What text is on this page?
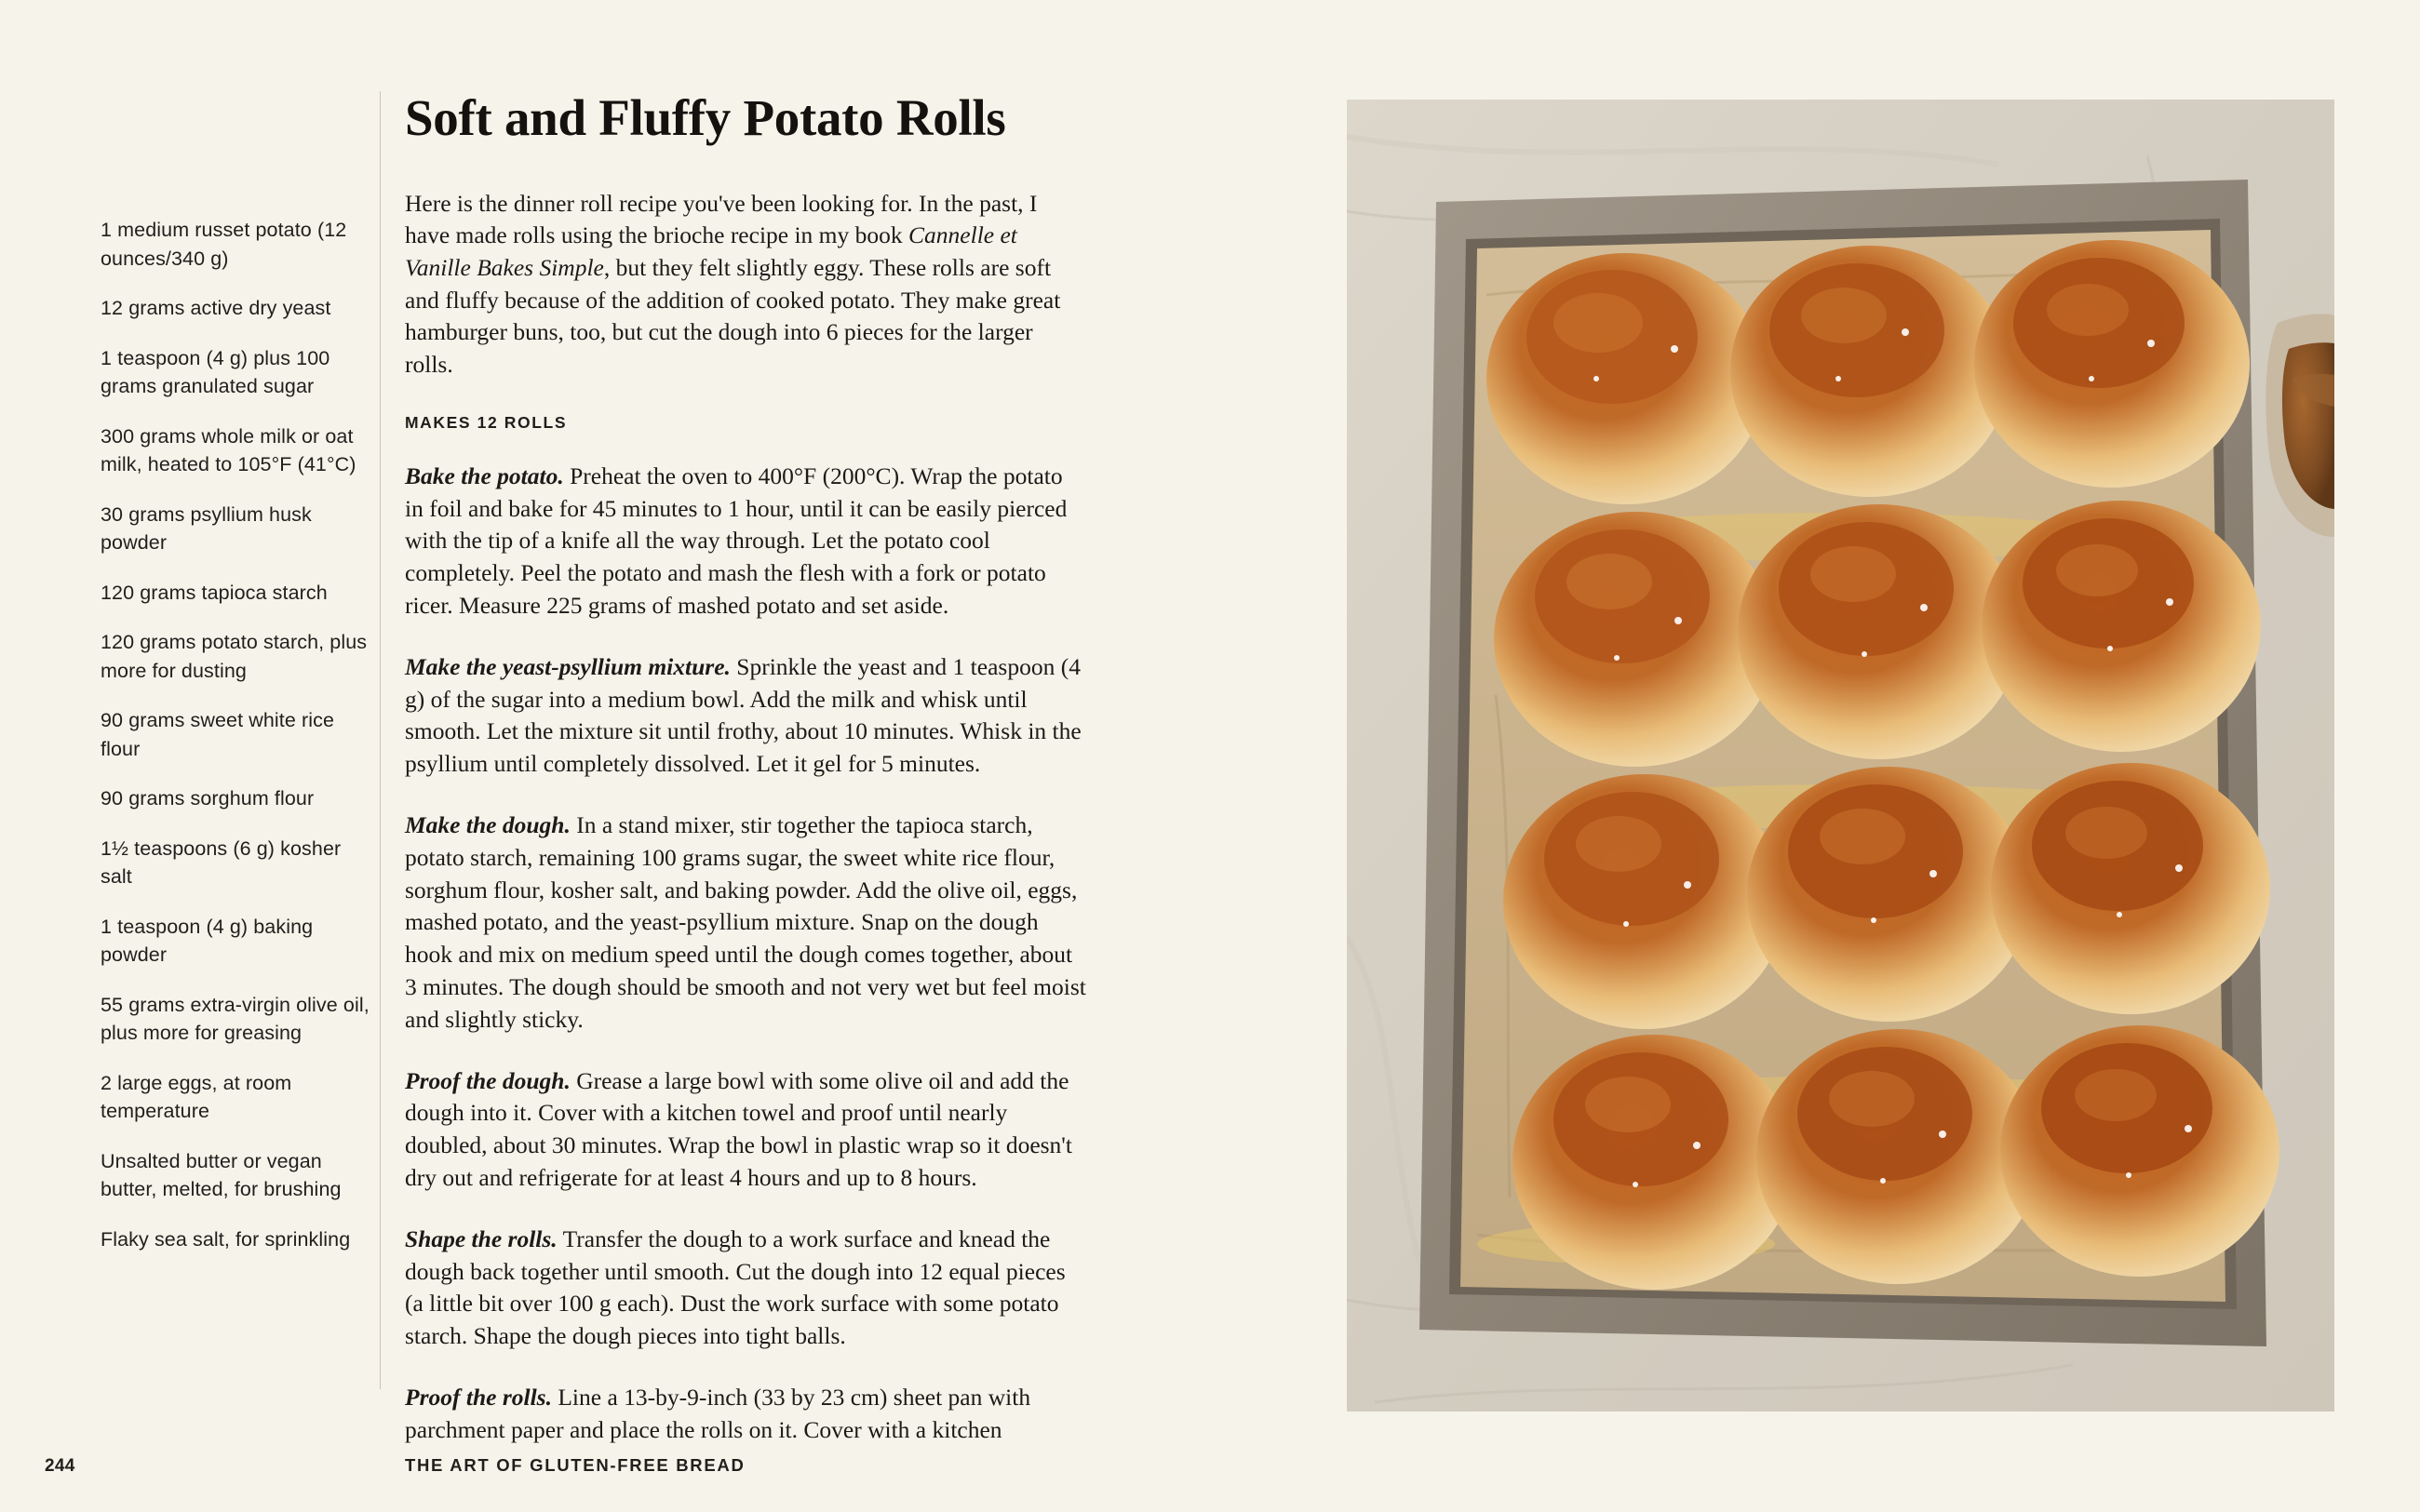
1 medium russet potato (12 ounces/340 g)
12 grams active dry yeast
1 teaspoon (4 g) plus 100 grams granulated sugar
300 grams whole milk or oat milk, heated to 105°F (41°C)
30 grams psyllium husk powder
120 grams tapioca starch
120 grams potato starch, plus more for dusting
90 grams sweet white rice flour
90 grams sorghum flour
1½ teaspoons (6 g) kosher salt
1 teaspoon (4 g) baking powder
55 grams extra-virgin olive oil, plus more for greasing
2 large eggs, at room temperature
Unsalted butter or vegan butter, melted, for brushing
Flaky sea salt, for sprinkling
Soft and Fluffy Potato Rolls

Here is the dinner roll recipe you've been looking for. In the past, I have made rolls using the brioche recipe in my book Cannelle et Vanille Bakes Simple, but they felt slightly eggy. These rolls are soft and fluffy because of the addition of cooked potato. They make great hamburger buns, too, but cut the dough into 6 pieces for the larger rolls.

MAKES 12 ROLLS

Bake the potato. Preheat the oven to 400°F (200°C). Wrap the potato in foil and bake for 45 minutes to 1 hour, until it can be easily pierced with the tip of a knife all the way through. Let the potato cool completely. Peel the potato and mash the flesh with a fork or potato ricer. Measure 225 grams of mashed potato and set aside.

Make the yeast-psyllium mixture. Sprinkle the yeast and 1 teaspoon (4 g) of the sugar into a medium bowl. Add the milk and whisk until smooth. Let the mixture sit until frothy, about 10 minutes. Whisk in the psyllium until completely dissolved. Let it gel for 5 minutes.

Make the dough. In a stand mixer, stir together the tapioca starch, potato starch, remaining 100 grams sugar, the sweet white rice flour, sorghum flour, kosher salt, and baking powder. Add the olive oil, eggs, mashed potato, and the yeast-psyllium mixture. Snap on the dough hook and mix on medium speed until the dough comes together, about 3 minutes. The dough should be smooth and not very wet but feel moist and slightly sticky.

Proof the dough. Grease a large bowl with some olive oil and add the dough into it. Cover with a kitchen towel and proof until nearly doubled, about 30 minutes. Wrap the bowl in plastic wrap so it doesn't dry out and refrigerate for at least 4 hours and up to 8 hours.

Shape the rolls. Transfer the dough to a work surface and knead the dough back together until smooth. Cut the dough into 12 equal pieces (a little bit over 100 g each). Dust the work surface with some potato starch. Shape the dough pieces into tight balls.

Proof the rolls. Line a 13-by-9-inch (33 by 23 cm) sheet pan with parchment paper and place the rolls on it. Cover with a kitchen

244	THE ART OF GLUTEN-FREE BREAD
